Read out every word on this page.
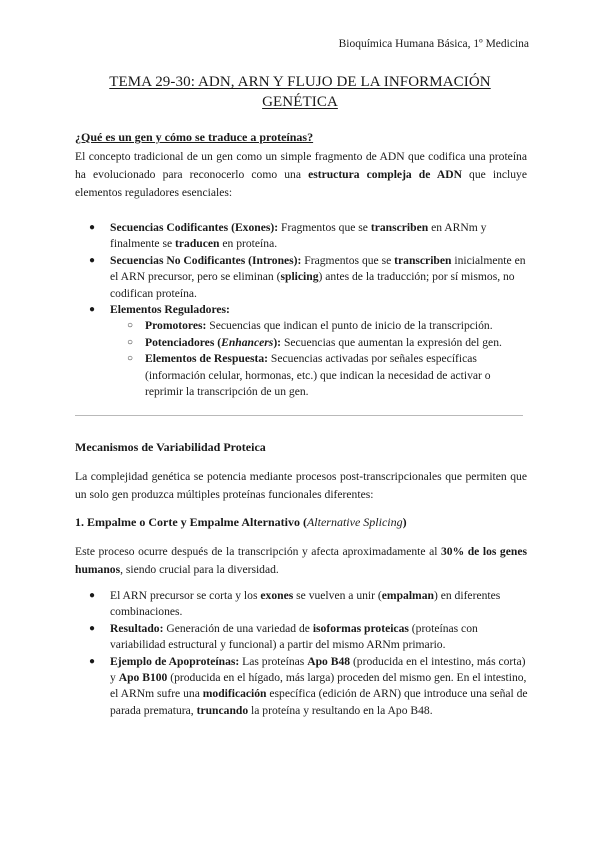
Bioquímica Humana Básica, 1º Medicina
TEMA 29-30: ADN, ARN Y FLUJO DE LA INFORMACIÓN GENÉTICA
¿Qué es un gen y cómo se traduce a proteínas?

El concepto tradicional de un gen como un simple fragmento de ADN que codifica una proteína ha evolucionado para reconocerlo como una estructura compleja de ADN que incluye elementos reguladores esenciales:

● Secuencias Codificantes (Exones): Fragmentos que se transcriben en ARNm y finalmente se traducen en proteína.
● Secuencias No Codificantes (Intrones): Fragmentos que se transcriben inicialmente en el ARN precursor, pero se eliminan (splicing) antes de la traducción; por sí mismos, no codifican proteína.
● Elementos Reguladores:
○ Promotores: Secuencias que indican el punto de inicio de la transcripción.
○ Potenciadores (Enhancers): Secuencias que aumentan la expresión del gen.
○ Elementos de Respuesta: Secuencias activadas por señales específicas (información celular, hormonas, etc.) que indican la necesidad de activar o reprimir la transcripción de un gen.
Mecanismos de Variabilidad Proteica

La complejidad genética se potencia mediante procesos post-transcripcionales que permiten que un solo gen produzca múltiples proteínas funcionales diferentes:

1. Empalme o Corte y Empalme Alternativo (Alternative Splicing)

Este proceso ocurre después de la transcripción y afecta aproximadamente al 30% de los genes humanos, siendo crucial para la diversidad.

● El ARN precursor se corta y los exones se vuelven a unir (empalman) en diferentes combinaciones.
● Resultado: Generación de una variedad de isoformas proteicas (proteínas con variabilidad estructural y funcional) a partir del mismo ARNm primario.
● Ejemplo de Apoproteínas: Las proteínas Apo B48 (producida en el intestino, más corta) y Apo B100 (producida en el hígado, más larga) proceden del mismo gen. En el intestino, el ARNm sufre una modificación específica (edición de ARN) que introduce una señal de parada prematura, truncando la proteína y resultando en la Apo B48.
